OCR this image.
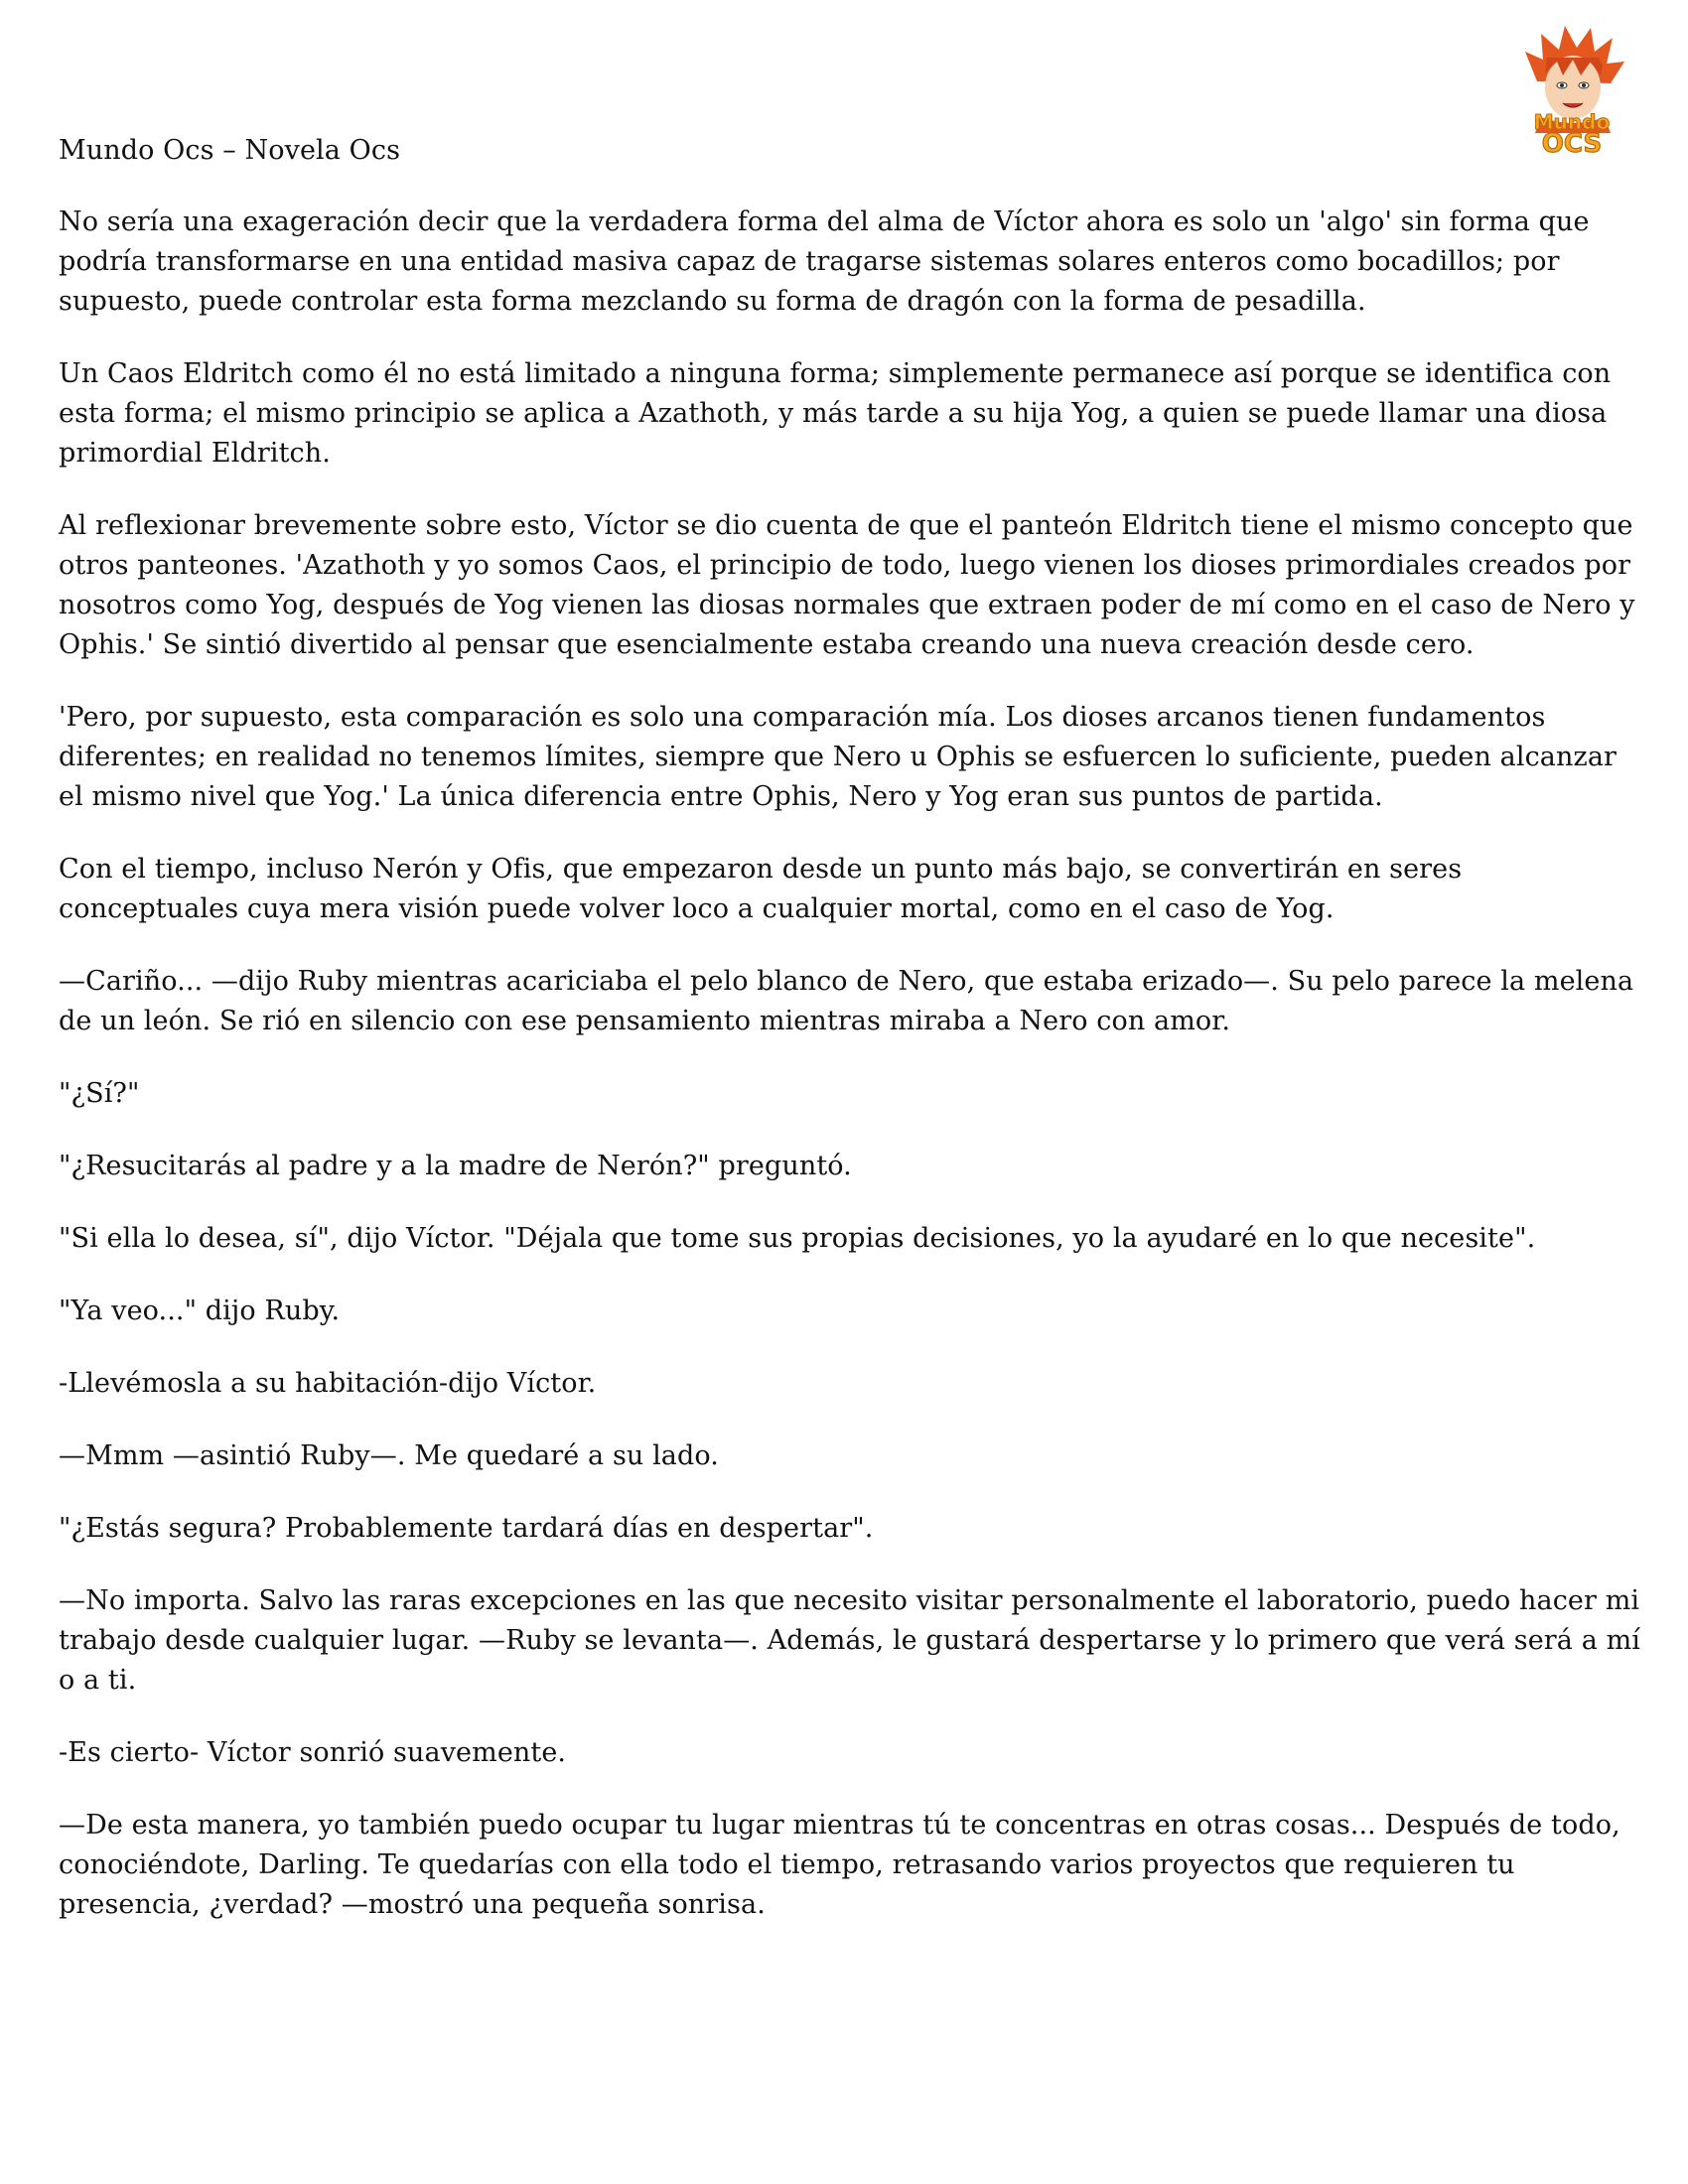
Mundo
OCS

Mundo Ocs – Novela Ocs

No sería una exageración decir que la verdadera forma del alma de Víctor ahora es solo un 'algo' sin forma que podría transformarse en una entidad masiva capaz de tragarse sistemas solares enteros como bocadillos; por supuesto, puede controlar esta forma mezclando su forma de dragón con la forma de pesadilla.

Un Caos Eldritch como él no está limitado a ninguna forma; simplemente permanece así porque se identifica con esta forma; el mismo principio se aplica a Azathoth, y más tarde a su hija Yog, a quien se puede llamar una diosa primordial Eldritch.

Al reflexionar brevemente sobre esto, Víctor se dio cuenta de que el panteón Eldritch tiene el mismo concepto que otros panteones. 'Azathoth y yo somos Caos, el principio de todo, luego vienen los dioses primordiales creados por nosotros como Yog, después de Yog vienen las diosas normales que extraen poder de mí como en el caso de Nero y Ophis.' Se sintió divertido al pensar que esencialmente estaba creando una nueva creación desde cero.

'Pero, por supuesto, esta comparación es solo una comparación mía. Los dioses arcanos tienen fundamentos diferentes; en realidad no tenemos límites, siempre que Nero u Ophis se esfuercen lo suficiente, pueden alcanzar el mismo nivel que Yog.' La única diferencia entre Ophis, Nero y Yog eran sus puntos de partida.

Con el tiempo, incluso Nerón y Ofis, que empezaron desde un punto más bajo, se convertirán en seres conceptuales cuya mera visión puede volver loco a cualquier mortal, como en el caso de Yog.

—Cariño... —dijo Ruby mientras acariciaba el pelo blanco de Nero, que estaba erizado—. Su pelo parece la melena de un león. Se rió en silencio con ese pensamiento mientras miraba a Nero con amor.

"¿Sí?"

"¿Resucitarás al padre y a la madre de Nerón?" preguntó.

"Si ella lo desea, sí", dijo Víctor. "Déjala que tome sus propias decisiones, yo la ayudaré en lo que necesite".

"Ya veo..." dijo Ruby.

-Llevémosla a su habitación-dijo Víctor.

—Mmm —asintió Ruby—. Me quedaré a su lado.

"¿Estás segura? Probablemente tardará días en despertar".

—No importa. Salvo las raras excepciones en las que necesito visitar personalmente el laboratorio, puedo hacer mi trabajo desde cualquier lugar. —Ruby se levanta—. Además, le gustará despertarse y lo primero que verá será a mí o a ti.

-Es cierto- Víctor sonrió suavemente.

—De esta manera, yo también puedo ocupar tu lugar mientras tú te concentras en otras cosas... Después de todo, conociéndote, Darling. Te quedarías con ella todo el tiempo, retrasando varios proyectos que requieren tu presencia, ¿verdad? —mostró una pequeña sonrisa.
